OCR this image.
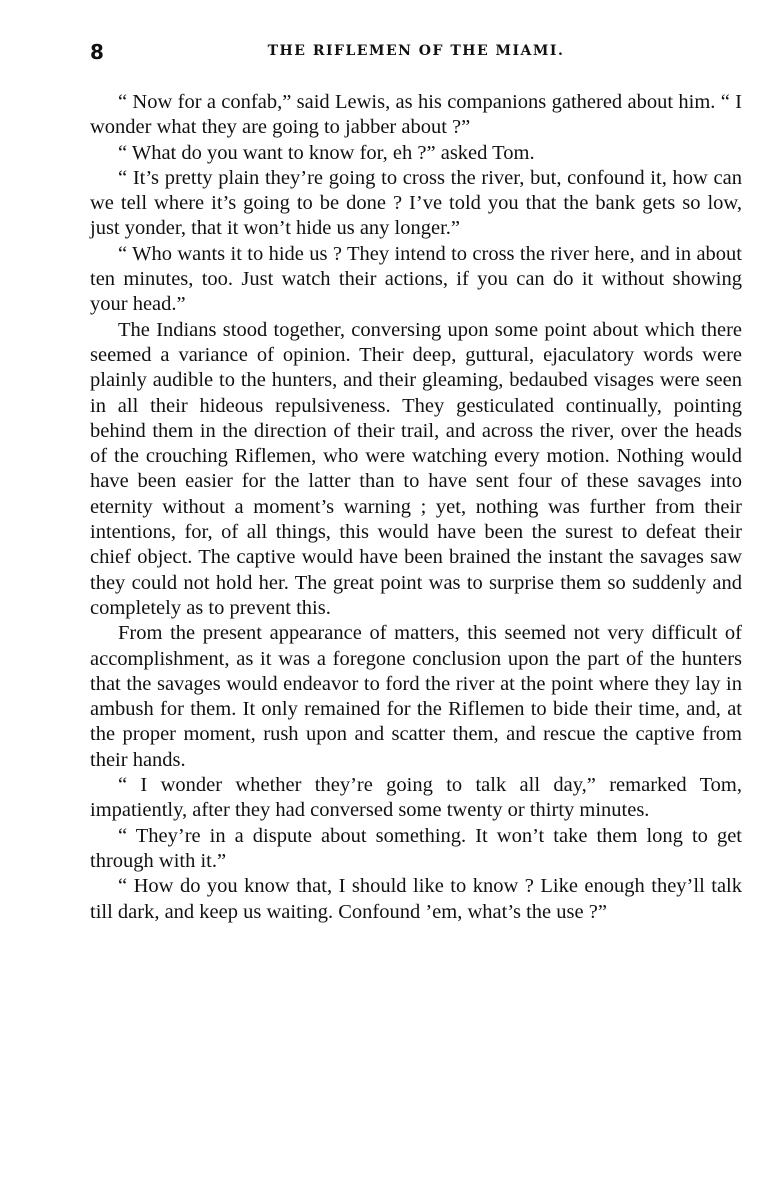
8	THE RIFLEMEN OF THE MIAMI.

“ Now for a confab,” said Lewis, as his companions gathered about him. “ I wonder what they are going to jabber about ?”

“ What do you want to know for, eh ?” asked Tom.

“ It’s pretty plain they’re going to cross the river, but, confound it, how can we tell where it’s going to be done ? I’ve told you that the bank gets so low, just yonder, that it won’t hide us any longer.”

“ Who wants it to hide us ? They intend to cross the river here, and in about ten minutes, too. Just watch their actions, if you can do it without showing your head.”

The Indians stood together, conversing upon some point about which there seemed a variance of opinion. Their deep, guttural, ejaculatory words were plainly audible to the hunters, and their gleaming, bedaubed visages were seen in all their hideous repulsiveness. They gesticulated continually, pointing behind them in the direction of their trail, and across the river, over the heads of the crouching Riflemen, who were watching every motion. Nothing would have been easier for the latter than to have sent four of these savages into eternity without a moment’s warning ; yet, nothing was further from their intentions, for, of all things, this would have been the surest to defeat their chief object. The captive would have been brained the instant the savages saw they could not hold her. The great point was to surprise them so suddenly and completely as to prevent this.

From the present appearance of matters, this seemed not very difficult of accomplishment, as it was a foregone conclusion upon the part of the hunters that the savages would endeavor to ford the river at the point where they lay in ambush for them. It only remained for the Riflemen to bide their time, and, at the proper moment, rush upon and scatter them, and rescue the captive from their hands.

“ I wonder whether they’re going to talk all day,” remarked Tom, impatiently, after they had conversed some twenty or thirty minutes.

“ They’re in a dispute about something. It won’t take them long to get through with it.”

“ How do you know that, I should like to know ? Like enough they’ll talk till dark, and keep us waiting. Confound ’em, what’s the use ?”
